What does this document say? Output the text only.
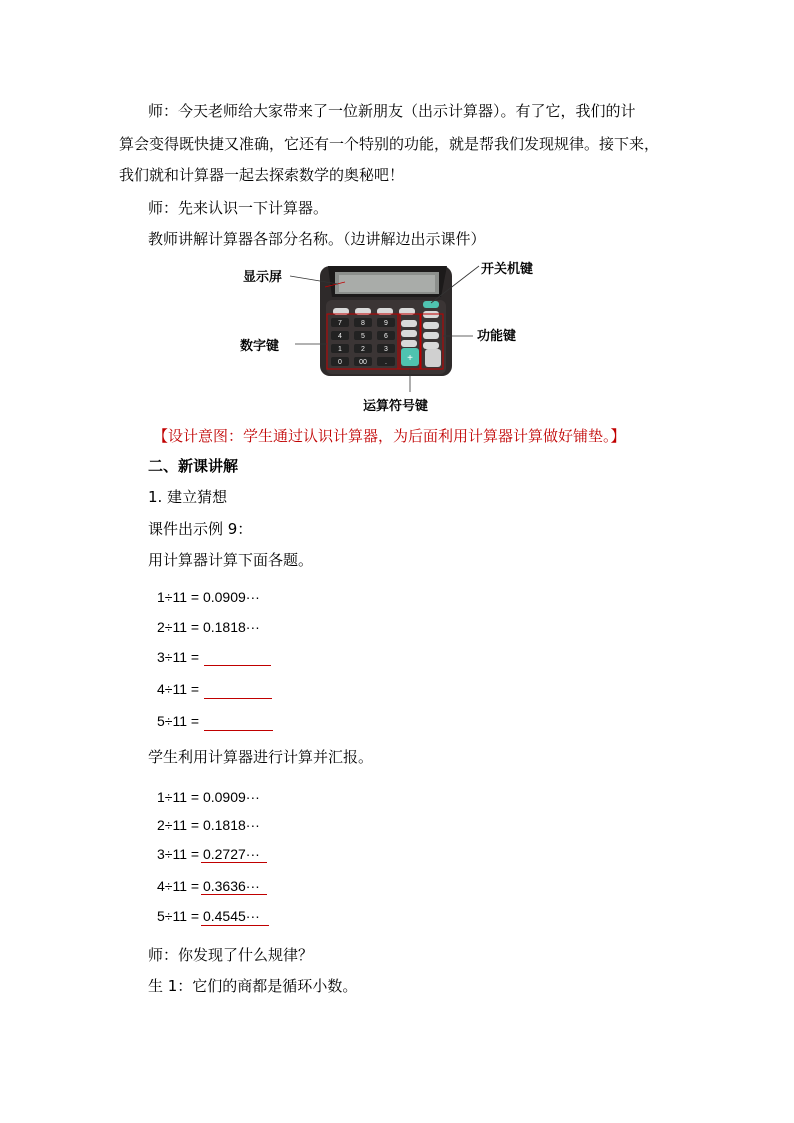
师：今天老师给大家带来了一位新朋友（出示计算器）。有了它，我们的计
算会变得既快捷又准确，它还有一个特别的功能，就是帮我们发现规律。接下来，
我们就和计算器一起去探索数学的奥秘吧！
师：先来认识一下计算器。
教师讲解计算器各部分名称。（边讲解边出示课件）
+
7	8	9
4	5	6
1	2	3
0 00	.
显示屏
开关机键
数字键
功能键
运算符号键
【设计意图：学生通过认识计算器，为后面利用计算器计算做好铺垫。】
二、新课讲解
1. 建立猜想
课件出示例 9：
用计算器计算下面各题。
1÷11 = 0.0909···
2÷11 = 0.1818···
3÷11 =
4÷11 =
5÷11 =
学生利用计算器进行计算并汇报。
1÷11 = 0.0909···
2÷11 = 0.1818···
3÷11 = 0.2727···
4÷11 = 0.3636···
5÷11 = 0.4545···
师：你发现了什么规律？
生 1：它们的商都是循环小数。
